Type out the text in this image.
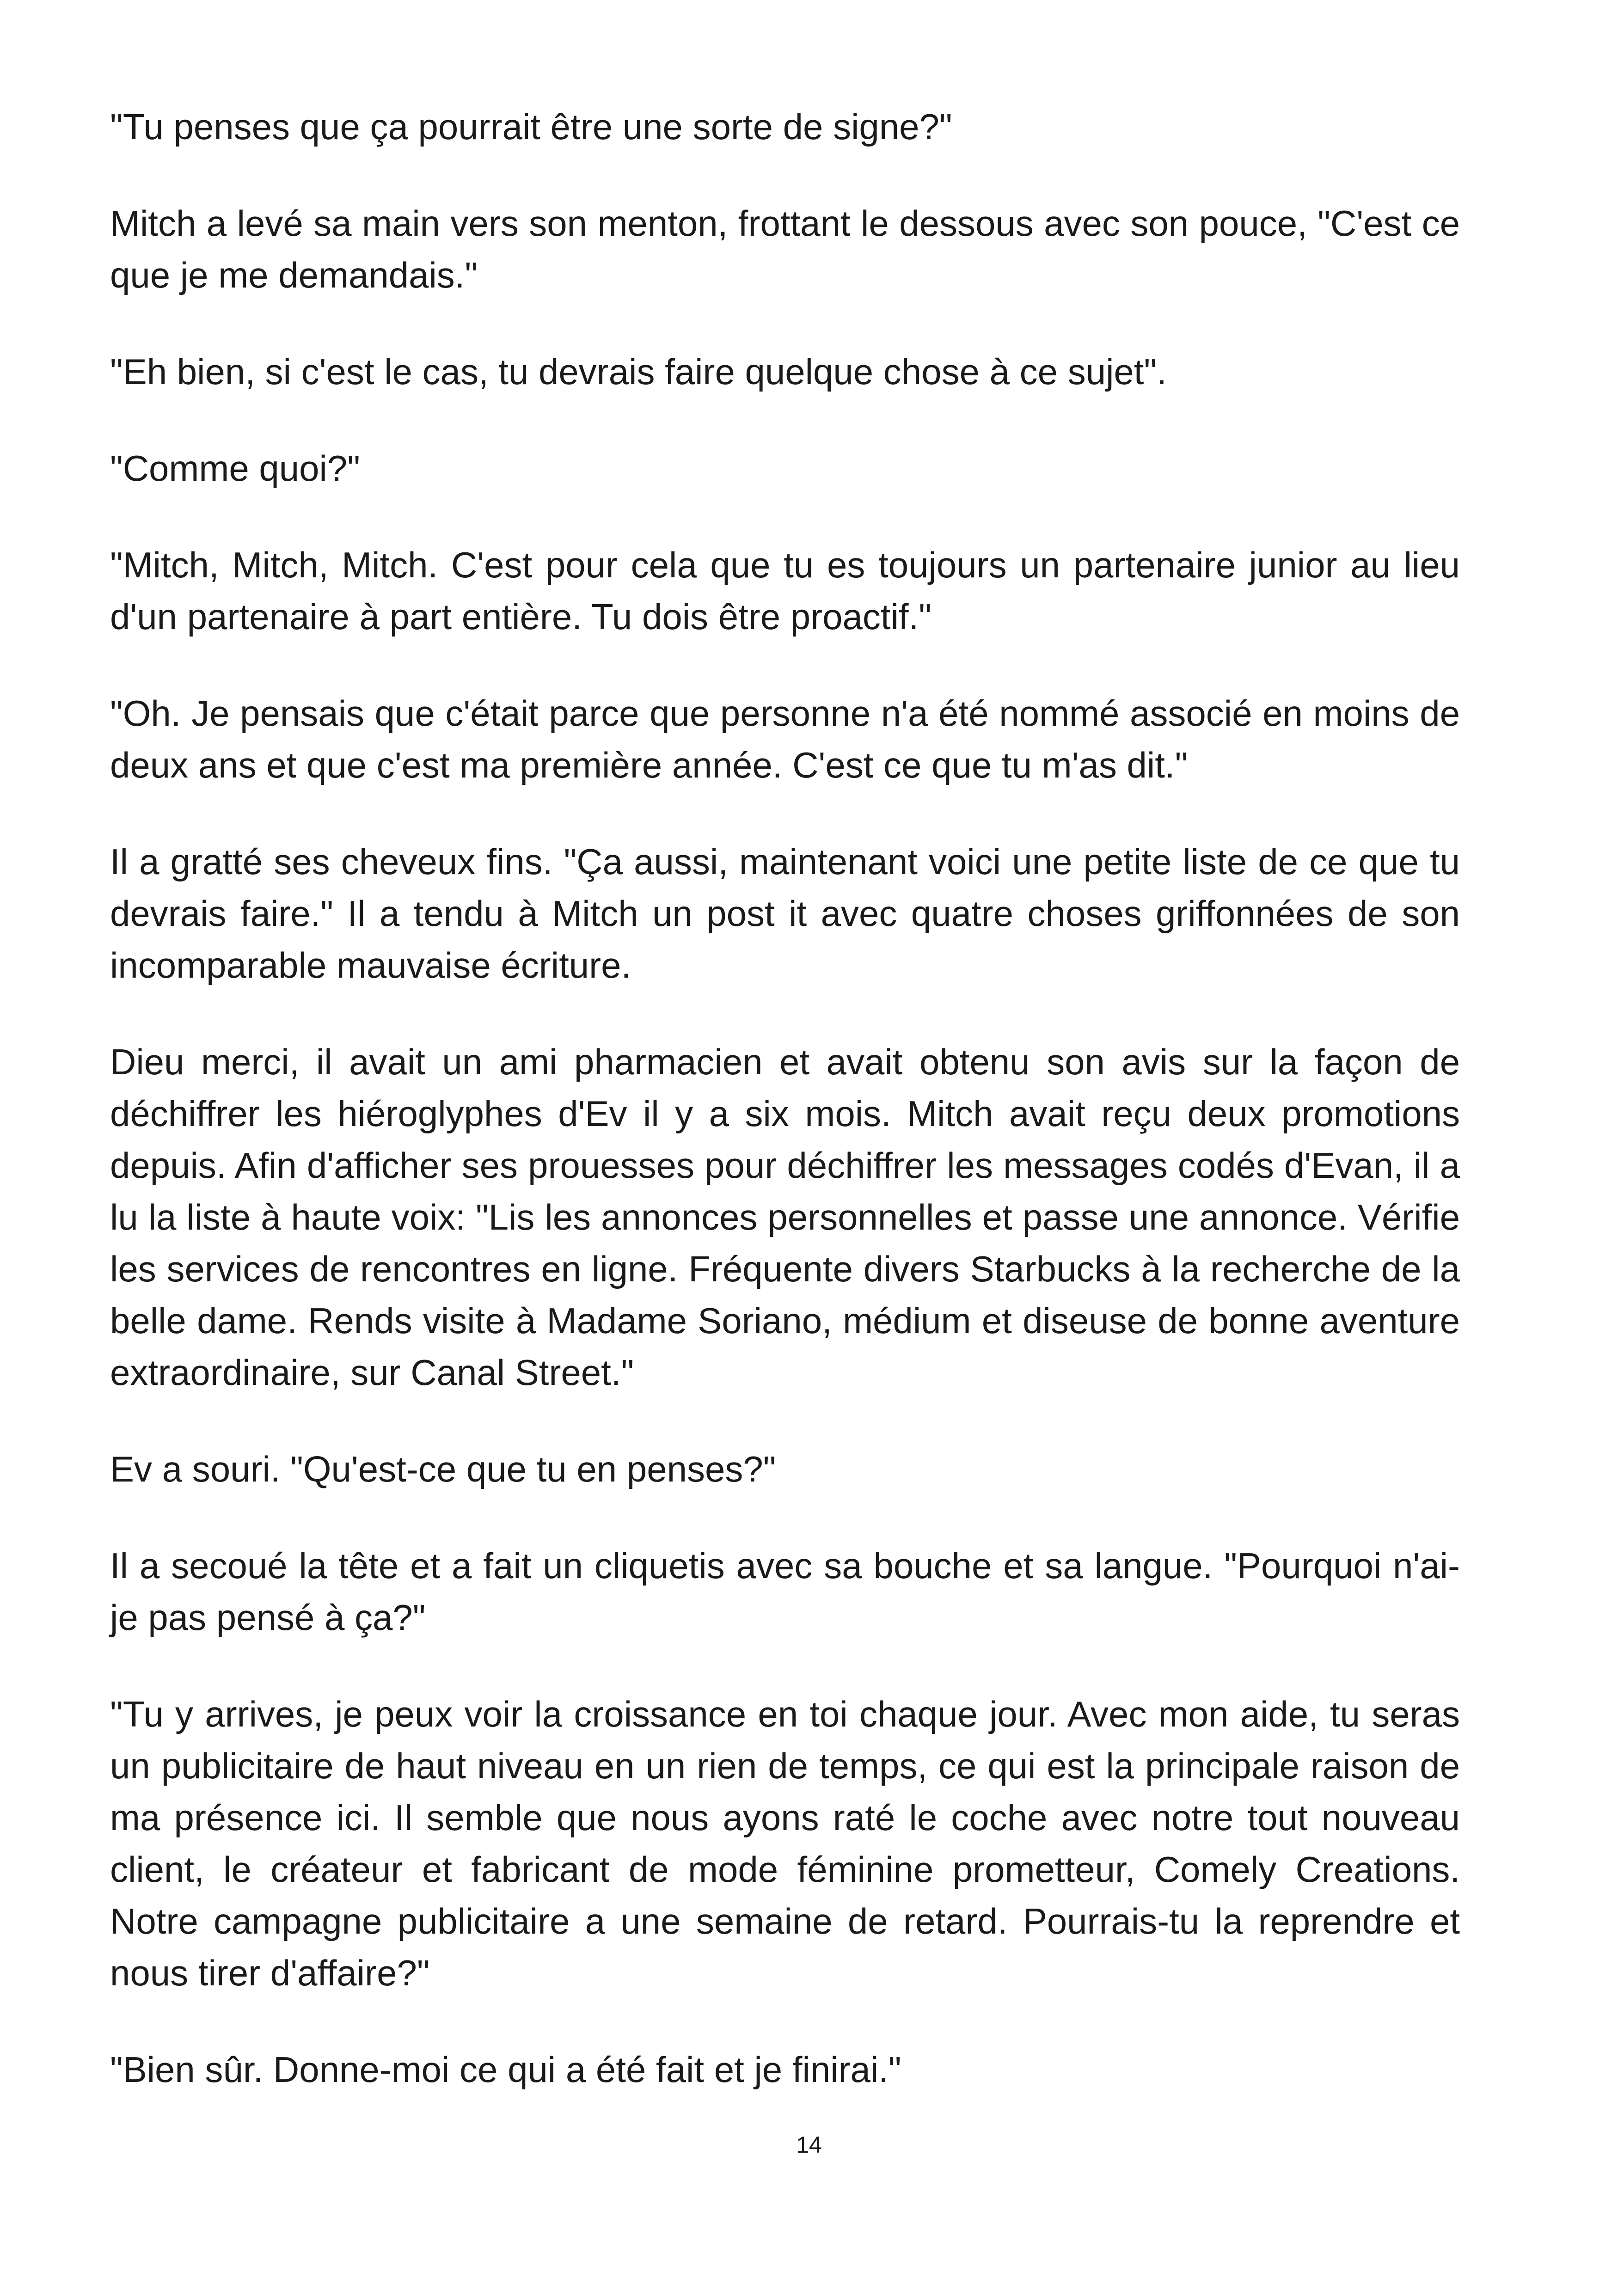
"Tu penses que ça pourrait être une sorte de signe?"

Mitch a levé sa main vers son menton, frottant le dessous avec son pouce, "C'est ce que je me demandais."

"Eh bien, si c'est le cas, tu devrais faire quelque chose à ce sujet".

"Comme quoi?"

"Mitch, Mitch, Mitch. C'est pour cela que tu es toujours un partenaire junior au lieu d'un partenaire à part entière. Tu dois être proactif."

"Oh. Je pensais que c'était parce que personne n'a été nommé associé en moins de deux ans et que c'est ma première année. C'est ce que tu m'as dit."

Il a gratté ses cheveux fins. "Ça aussi, maintenant voici une petite liste de ce que tu devrais faire." Il a tendu à Mitch un post it avec quatre choses griffonnées de son incomparable mauvaise écriture.

Dieu merci, il avait un ami pharmacien et avait obtenu son avis sur la façon de déchiffrer les hiéroglyphes d'Ev il y a six mois. Mitch avait reçu deux promotions depuis. Afin d'afficher ses prouesses pour déchiffrer les messages codés d'Evan, il a lu la liste à haute voix: "Lis les annonces personnelles et passe une annonce. Vérifie les services de rencontres en ligne. Fréquente divers Starbucks à la recherche de la belle dame. Rends visite à Madame Soriano, médium et diseuse de bonne aventure extraordinaire, sur Canal Street."

Ev a souri. "Qu'est-ce que tu en penses?"

Il a secoué la tête et a fait un cliquetis avec sa bouche et sa langue. "Pourquoi n'ai-je pas pensé à ça?"

"Tu y arrives, je peux voir la croissance en toi chaque jour. Avec mon aide, tu seras un publicitaire de haut niveau en un rien de temps, ce qui est la principale raison de ma présence ici. Il semble que nous ayons raté le coche avec notre tout nouveau client, le créateur et fabricant de mode féminine prometteur, Comely Creations. Notre campagne publicitaire a une semaine de retard. Pourrais-tu la reprendre et nous tirer d'affaire?"

"Bien sûr. Donne-moi ce qui a été fait et je finirai."

14
